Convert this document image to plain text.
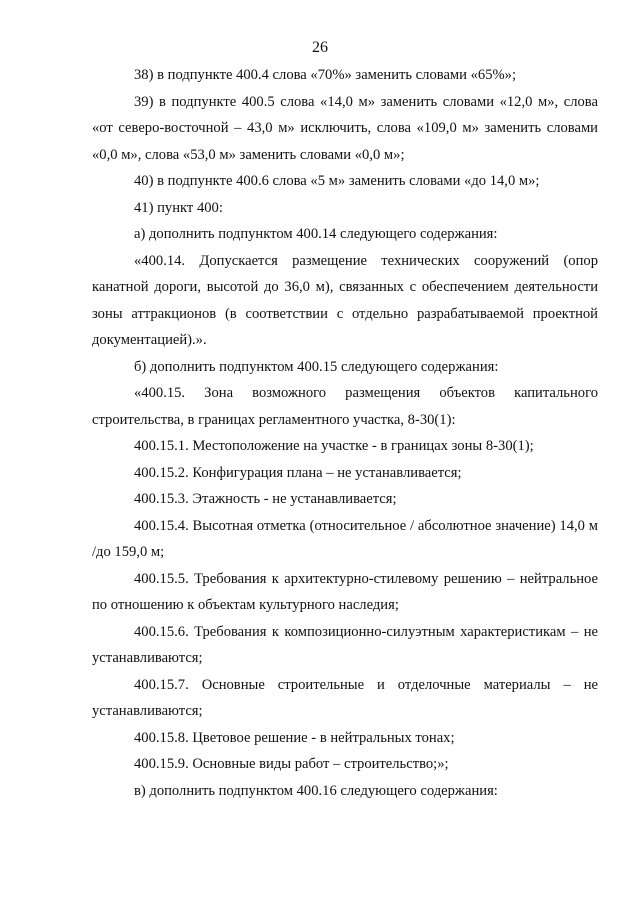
26

38) в подпункте 400.4 слова «70%» заменить словами «65%»;

39) в подпункте 400.5 слова «14,0 м» заменить словами «12,0 м», слова «от северо-восточной – 43,0 м» исключить, слова «109,0 м» заменить словами «0,0 м», слова «53,0 м» заменить словами «0,0 м»;

40) в подпункте 400.6 слова «5 м» заменить словами «до 14,0 м»;

41) пункт 400:

а) дополнить подпунктом 400.14 следующего содержания:

«400.14. Допускается размещение технических сооружений (опор канатной дороги, высотой до 36,0 м), связанных с обеспечением деятельности зоны аттракционов (в соответствии с отдельно разрабатываемой проектной документацией).».

б) дополнить подпунктом 400.15 следующего содержания:

«400.15. Зона возможного размещения объектов капитального строительства, в границах регламентного участка, 8-30(1):

400.15.1. Местоположение на участке - в границах зоны 8-30(1);

400.15.2. Конфигурация плана – не устанавливается;

400.15.3. Этажность - не устанавливается;

400.15.4. Высотная отметка (относительное / абсолютное значение) 14,0 м /до 159,0 м;

400.15.5. Требования к архитектурно-стилевому решению – нейтральное по отношению к объектам культурного наследия;

400.15.6. Требования к композиционно-силуэтным характеристикам – не устанавливаются;

400.15.7. Основные строительные и отделочные материалы – не устанавливаются;

400.15.8. Цветовое решение - в нейтральных тонах;

400.15.9. Основные виды работ – строительство;»;

в) дополнить подпунктом 400.16 следующего содержания:
